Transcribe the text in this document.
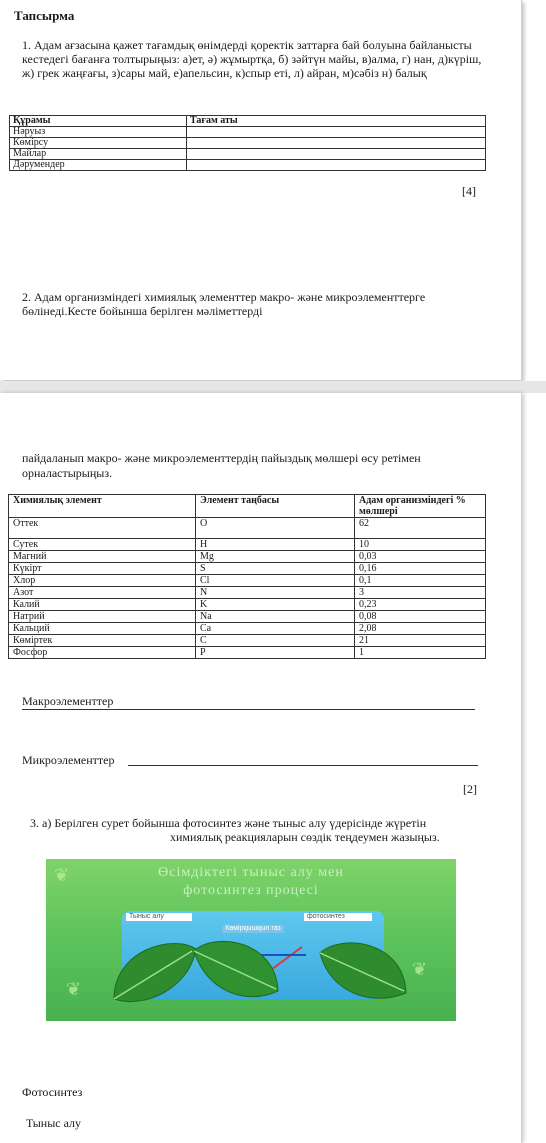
Тапсырма
1. Адам ағзасына қажет тағамдық өнімдерді қоректік заттарға бай болуына байланысты кестедегі бағанға толтырыңыз: а)ет, ә) жұмыртқа, б) зәйтүн майы, в)алма, г) нан, д)күріш, ж) грек жаңғағы, з)сары май, е)апельсин, к)спыр еті, л) айран, м)сәбіз н) балық
Құрамы	Тағам аты
Нәруыз	
Көмірсу	
Майлар	
Дәрумендер	
[4]
2. Адам организміндегі химиялық элементтер макро- және микроэлементтерге бөлінеді.Кесте бойынша берілген мәліметтерді
пайдаланып макро- және микроэлементтердің пайыздық мөлшері өсу ретімен орналастырыңыз.
Химиялық элемент	Элемент таңбасы	Адам организміндегі % мөлшері
Оттек	О	62
Сутек	Н	10
Магний	Mg	0,03
Күкірт	S	0,16
Хлор	Cl	0,1
Азот	N	3
Калий	K	0,23
Натрий	Na	0,08
Кальций	Ca	2,08
Көміртек	C	21
Фосфор	P	1
Макроэлементтер
Микроэлементтер
[2]
3. а) Берілген сурет бойынша фотосинтез және тыныс алу үдерісінде жүретін
химиялық реакцияларын сөздік теңдеумен жазыңыз.
❦
❦
❦
Өсімдіктегі тыныс алу мен
фотосинтез процесі
Тыныс алу	фотосинтез
Көмірқышқыл газ
Фотосинтез
Тыныс алу
